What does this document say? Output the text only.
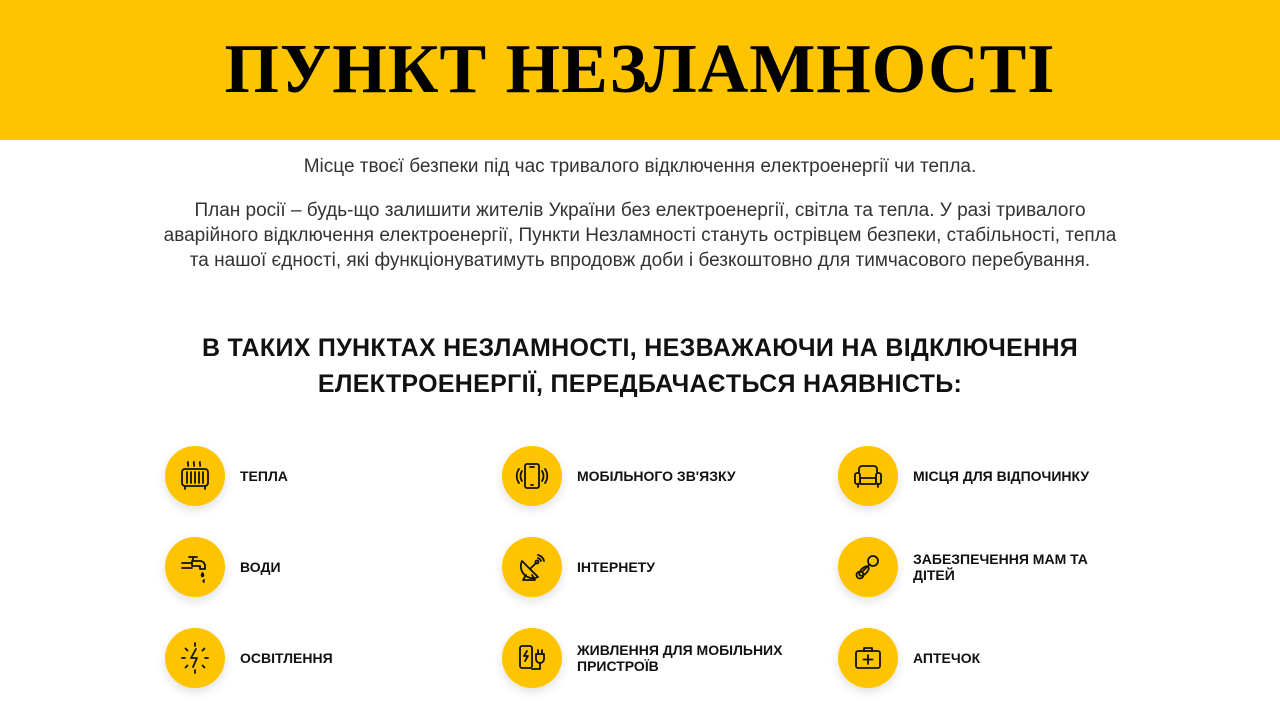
ПУНКТ НЕЗЛАМНОСТІ
Місце твоєї безпеки під час тривалого відключення електроенергії чи тепла.
План росії – будь-що залишити жителів України без електроенергії, світла та тепла. У разі тривалого аварійного відключення електроенергії, Пункти Незламності стануть острівцем безпеки, стабільності, тепла та нашої єдності, які функціонуватимуть впродовж доби і безкоштовно для тимчасового перебування.
В ТАКИХ ПУНКТАХ НЕЗЛАМНОСТІ, НЕЗВАЖАЮЧИ НА ВІДКЛЮЧЕННЯ ЕЛЕКТРОЕНЕРГІЇ, ПЕРЕДБАЧАЄТЬСЯ НАЯВНІСТЬ:
ТЕПЛА	МОБІЛЬНОГО ЗВ'ЯЗКУ	МІСЦЯ ДЛЯ ВІДПОЧИНКУ
ВОДИ	ІНТЕРНЕТУ	ЗАБЕЗПЕЧЕННЯ МАМ ТА ДІТЕЙ
ОСВІТЛЕННЯ	ЖИВЛЕННЯ ДЛЯ МОБІЛЬНИХ ПРИСТРОЇВ	АПТЕЧОК
